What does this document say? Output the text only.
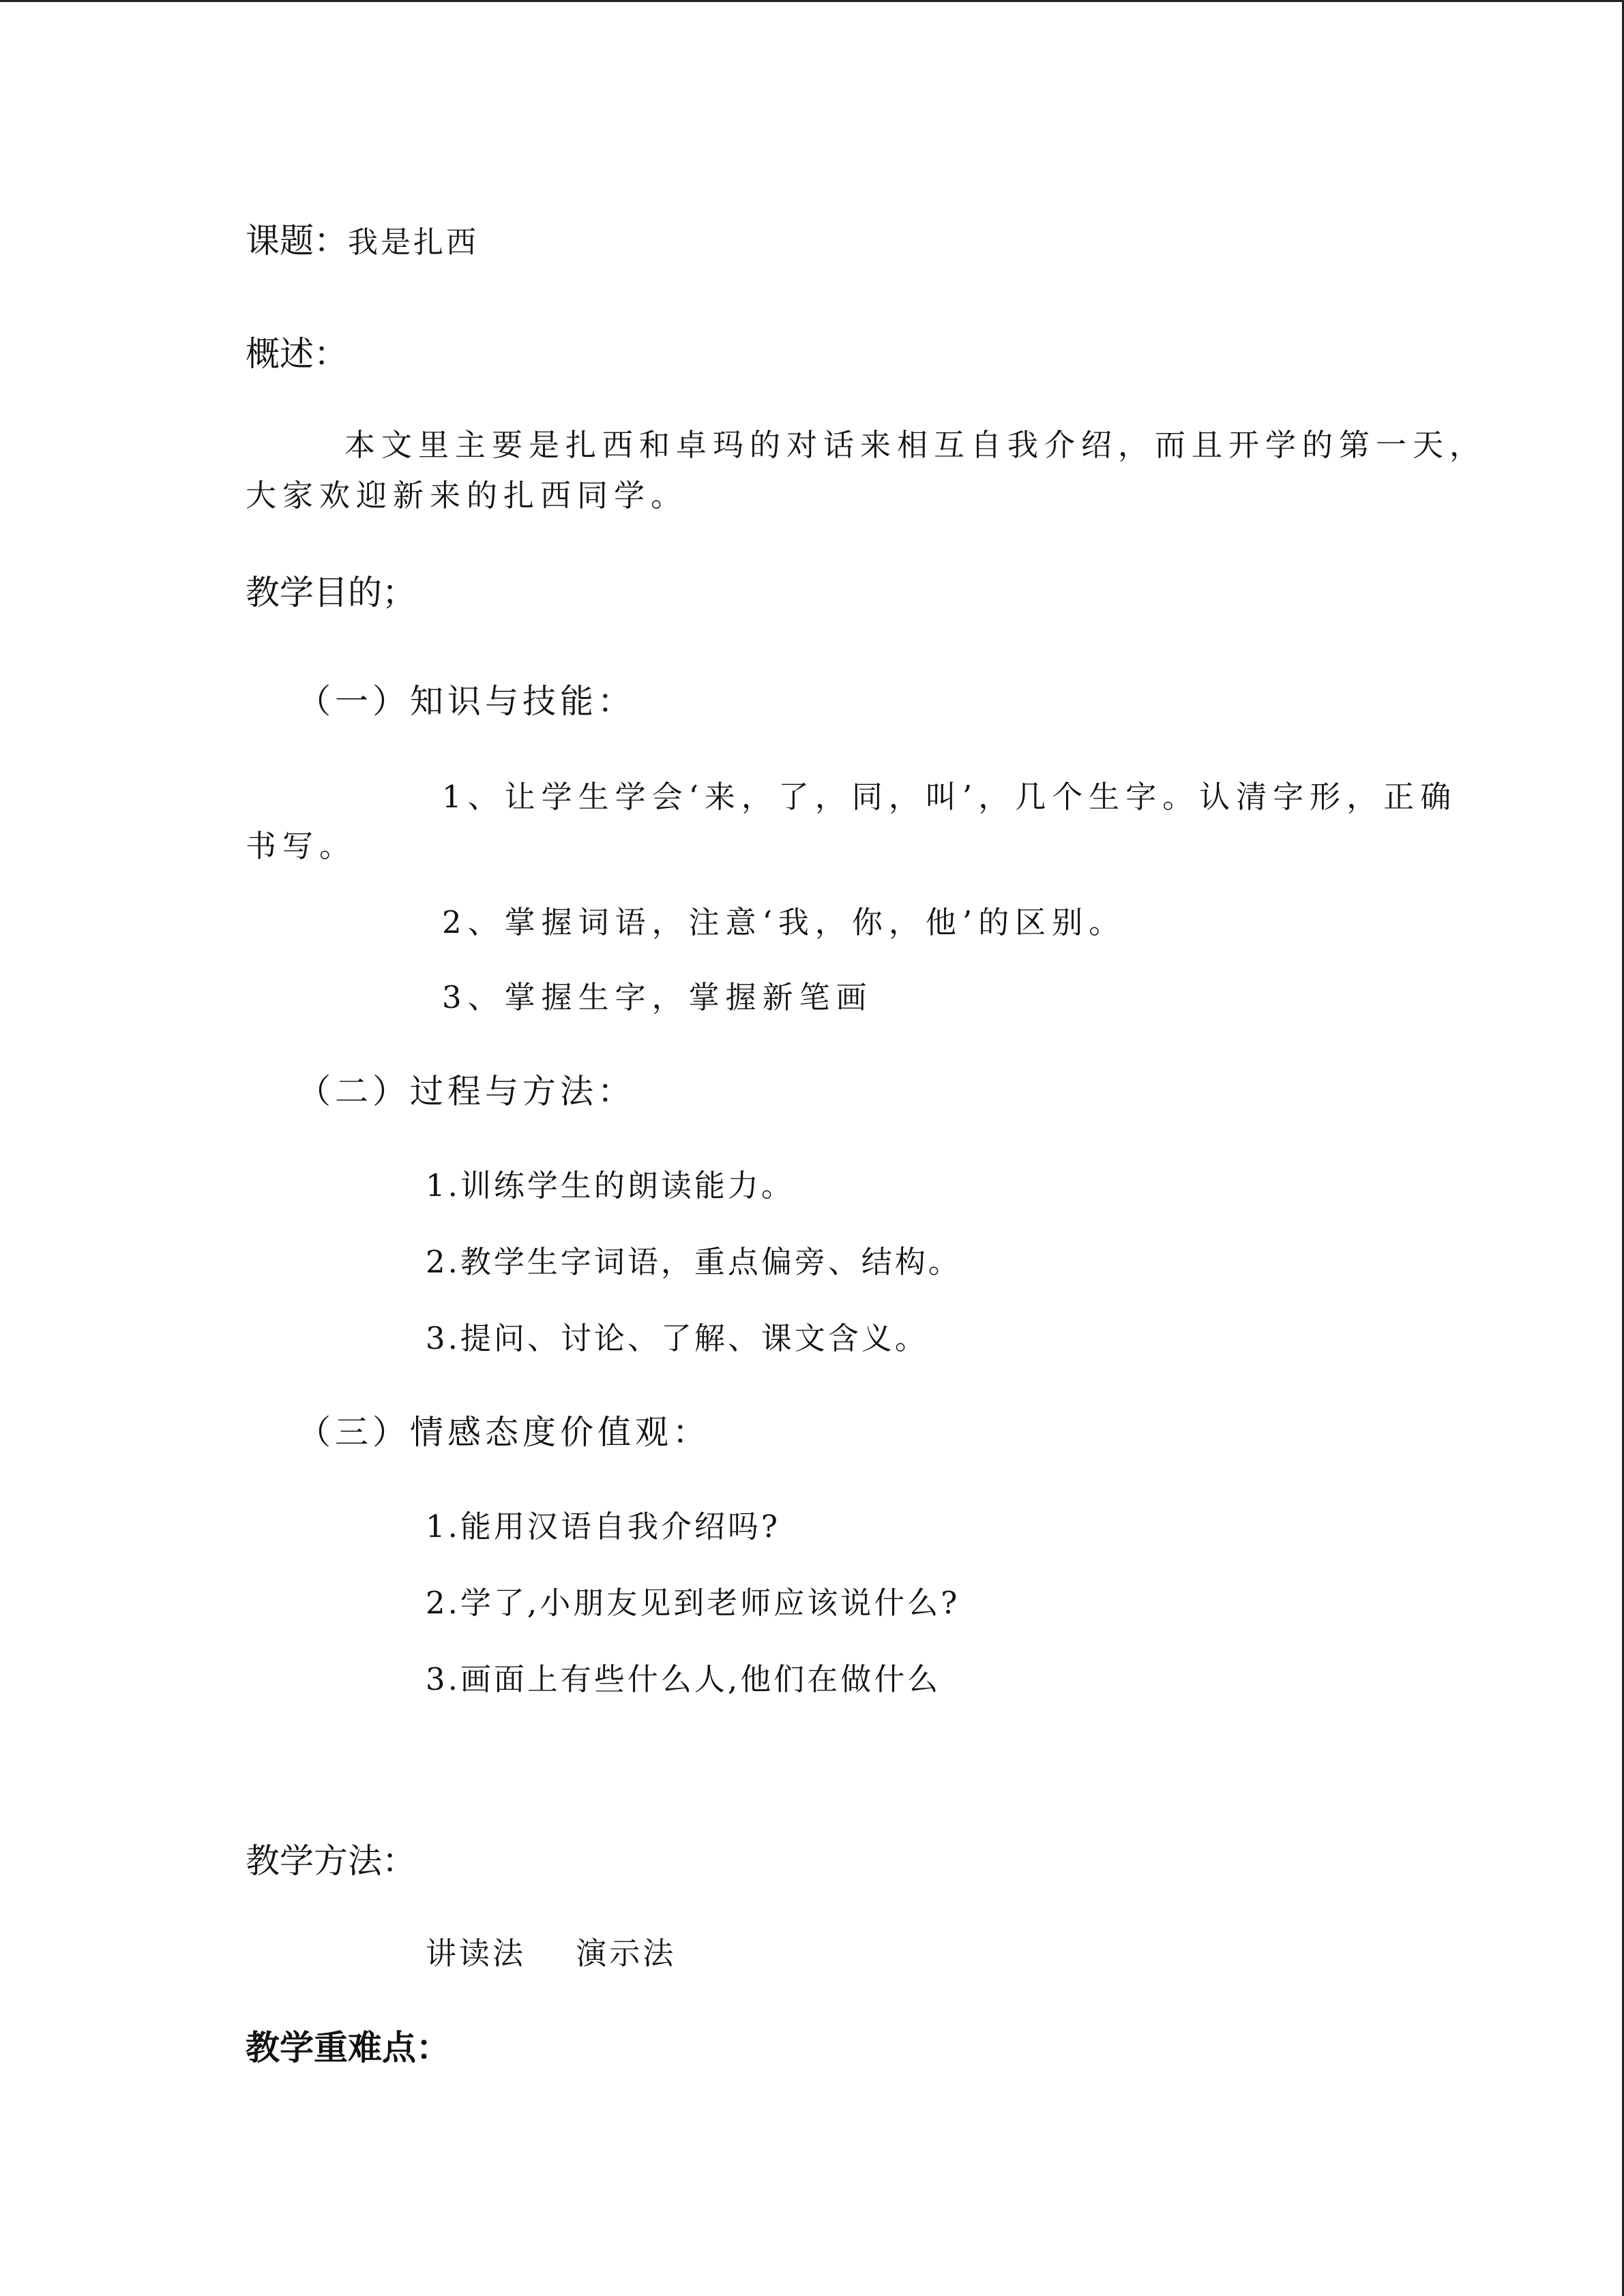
课题：我是扎西
概述：
本文里主要是扎西和卓玛的对话来相互自我介绍，而且开学的第一天，
大家欢迎新来的扎西同学。
教学目的；
（一）知识与技能：
1、让学生学会‘来，了，同，叫’，几个生字。认清字形，正确
书写。
2、掌握词语，注意‘我，你，他’的区别。
3、掌握生字，掌握新笔画
（二）过程与方法：
1.训练学生的朗读能力。
2.教学生字词语，重点偏旁、结构。
3.提问、讨论、了解、课文含义。
（三）情感态度价值观：
1.能用汉语自我介绍吗?
2.学了,小朋友见到老师应该说什么?
3.画面上有些什么人,他们在做什么
教学方法：
讲读法    演示法
教学重难点：
